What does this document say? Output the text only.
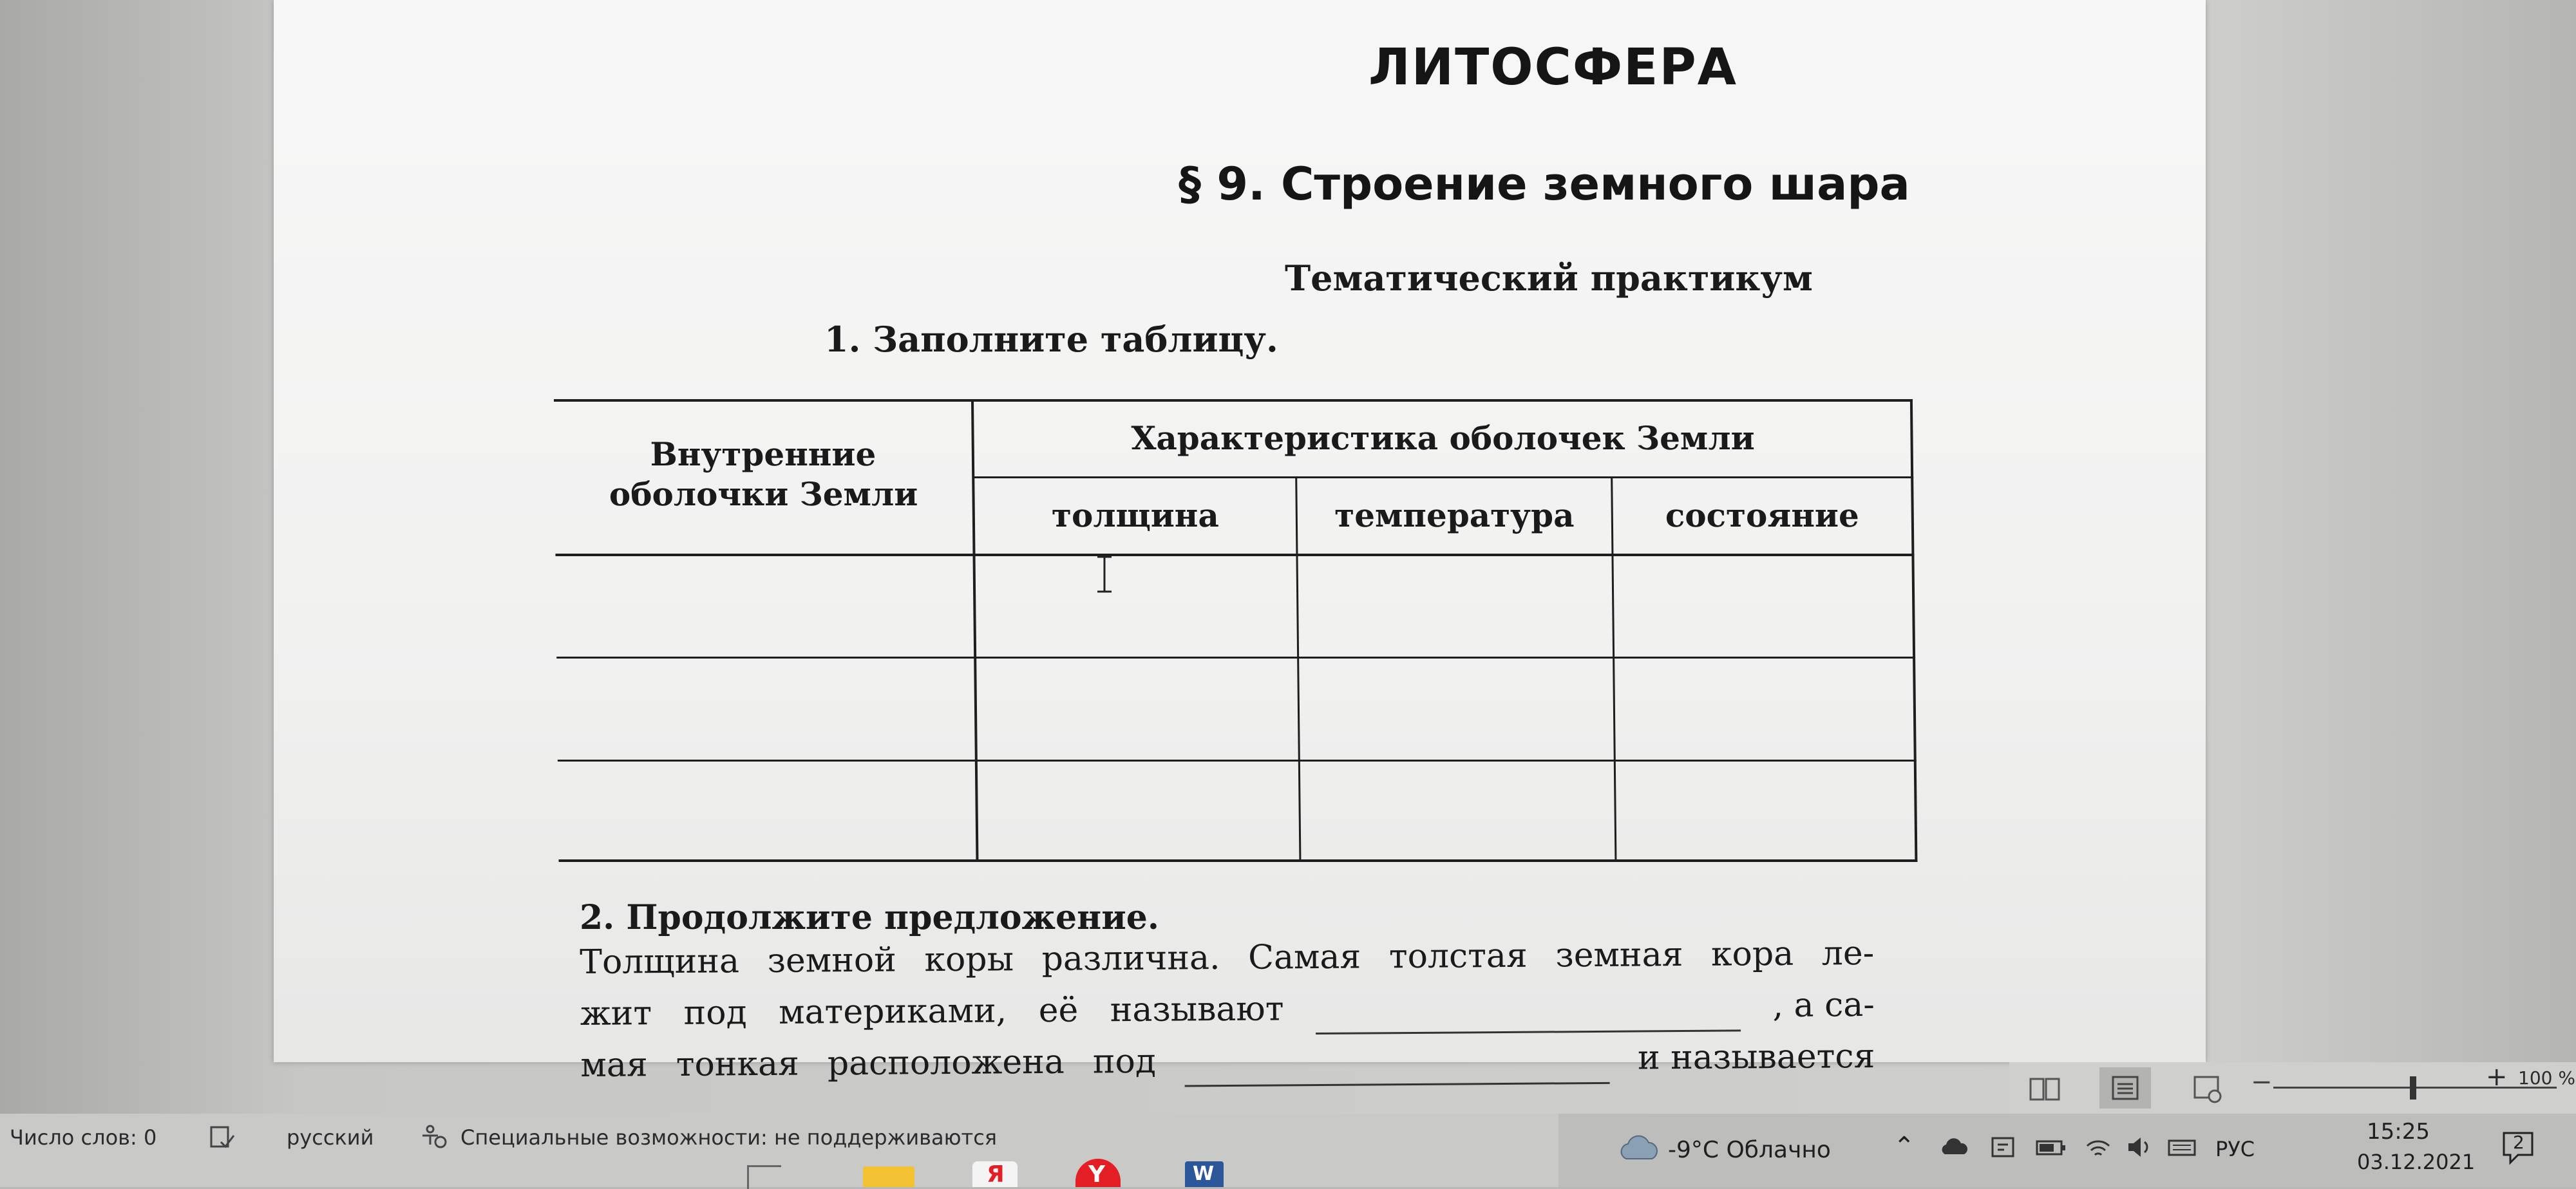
ЛИТОСФЕРА
§ 9. Строение земного шара
Тематический практикум
1. Заполните таблицу.
Внутренние
оболочки Земли
Характеристика оболочек Земли
толщина	температура	состояние
2. Продолжите предложение.
Толщина земной коры различна. Самая толстая земная кора ле-
жит под материками, её называют	, а са-
мая тонкая расположена под	и называется
−
Число слов: 0	русский	Специальные возможности: не поддерживаются
+ 100 %
-9°C Облачно ⌃	РУС
15:25
03.12.2021
2
Я	Y	W
